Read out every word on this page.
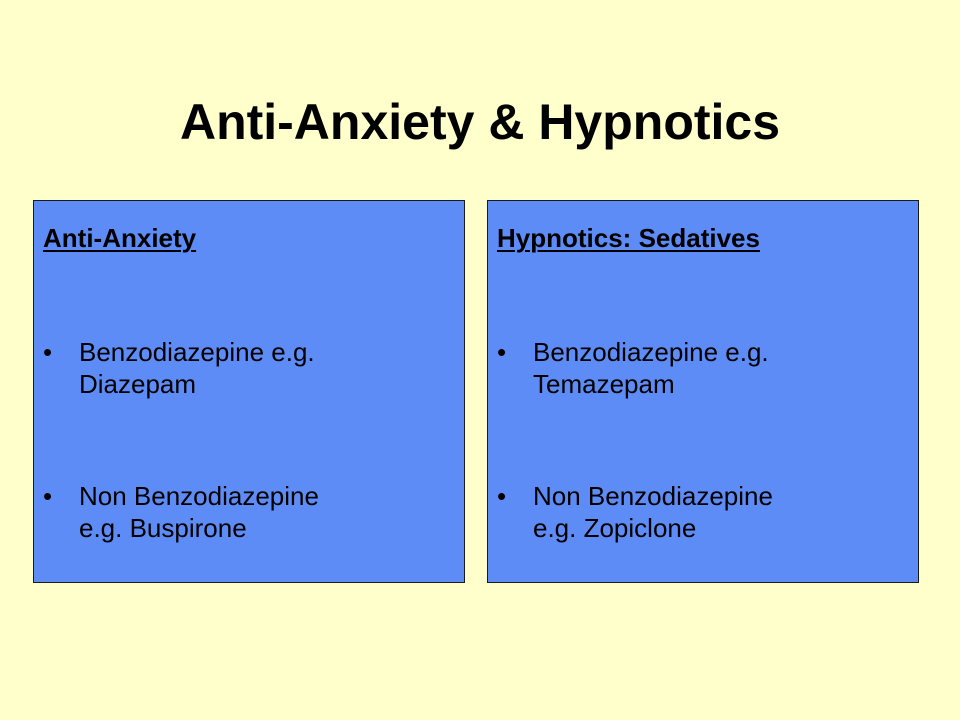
Anti-Anxiety & Hypnotics
Anti-Anxiety
•	Benzodiazepine e.g.
Diazepam
•	Non Benzodiazepine
e.g. Buspirone
Hypnotics: Sedatives
•	Benzodiazepine e.g.
Temazepam
•	Non Benzodiazepine
e.g. Zopiclone
